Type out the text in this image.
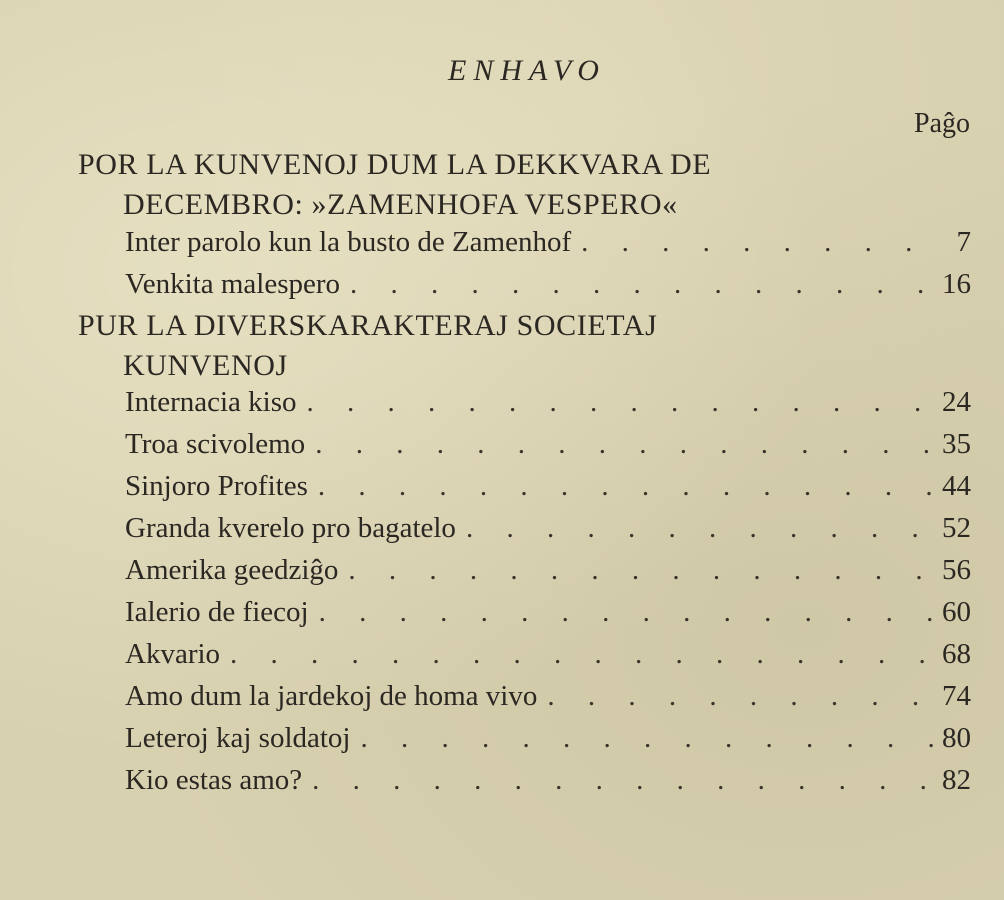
ENHAVO
Paĝo
POR LA KUNVENOJ DUM LA DEKKVARA DE
DECEMBRO: »ZAMENHOFA VESPERO«
Inter parolo kun la busto de Zamenhof . . .	7
Venkita malespero . . .	16
PUR LA DIVERSKARAKTERAJ SOCIETAJ
KUNVENOJ
Internacia kiso . . .	24
Troa scivolemo . . .	35
Sinjoro Profites . . .	44
Granda kverelo pro bagatelo . . .	52
Amerika geedziĝo . . .	56
Ialerio de fiecoj . . .	60
Akvario . . .	68
Amo dum la jardekoj de homa vivo . . .	74
Leteroj kaj soldatoj . . .	80
Kio estas amo? . . .	82
